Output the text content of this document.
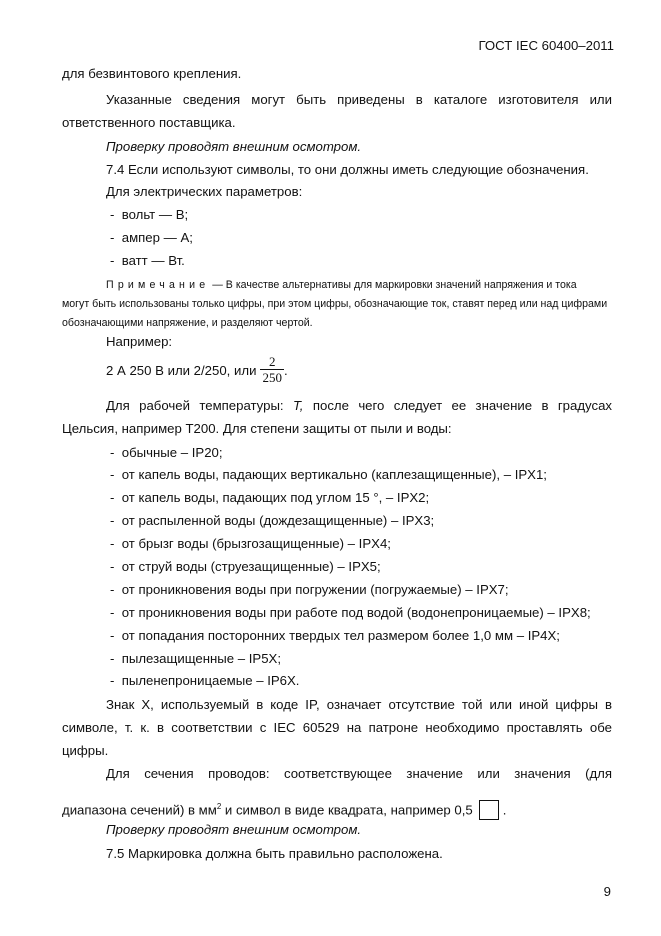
ГОСТ IEC 60400–2011
для безвинтового крепления.
Указанные сведения могут быть приведены в каталоге изготовителя или
ответственного поставщика.
Проверку проводят внешним осмотром.
7.4 Если используют символы, то они должны иметь следующие обозначения.
Для электрических параметров:
- вольт — В;
- ампер — А;
- ватт — Вт.
Примечание — В качестве альтернативы для маркировки значений напряжения и тока
могут быть использованы только цифры, при этом цифры, обозначающие ток, ставят перед или над цифрами
обозначающими напряжение, и разделяют чертой.
Например:
2 А 250 В или 2/250, или $\frac{2}{250}$ .
Для рабочей температуры: T, после чего следует ее значение в градусах
Цельсия, например Т200. Для степени защиты от пыли и воды:
- обычные – IP20;
- от капель воды, падающих вертикально (каплезащищенные), – IPX1;
- от капель воды, падающих под углом 15 °, – IPX2;
- от распыленной воды (дождезащищенные) – IPX3;
- от брызг воды (брызгозащищенные) – IPX4;
- от струй воды (струезащищенные) – IPX5;
- от проникновения воды при погружении (погружаемые) – IPX7;
- от проникновения воды при работе под водой (водонепроницаемые) – IPX8;
- от попадания посторонних твердых тел размером более 1,0 мм – IP4X;
- пылезащищенные – IP5X;
- пыленепроницаемые – IP6X.
Знак X, используемый в коде IP, означает отсутствие той или иной цифры в
символе, т. к. в соответствии с IEC 60529 на патроне необходимо проставлять обе
цифры.
Для сечения проводов: соответствующее значение или значения (для
диапазона сечений) в $мм^2$ и символ в виде квадрата, например 0,5 .
Проверку проводят внешним осмотром.
7.5 Маркировка должна быть правильно расположена.
9
